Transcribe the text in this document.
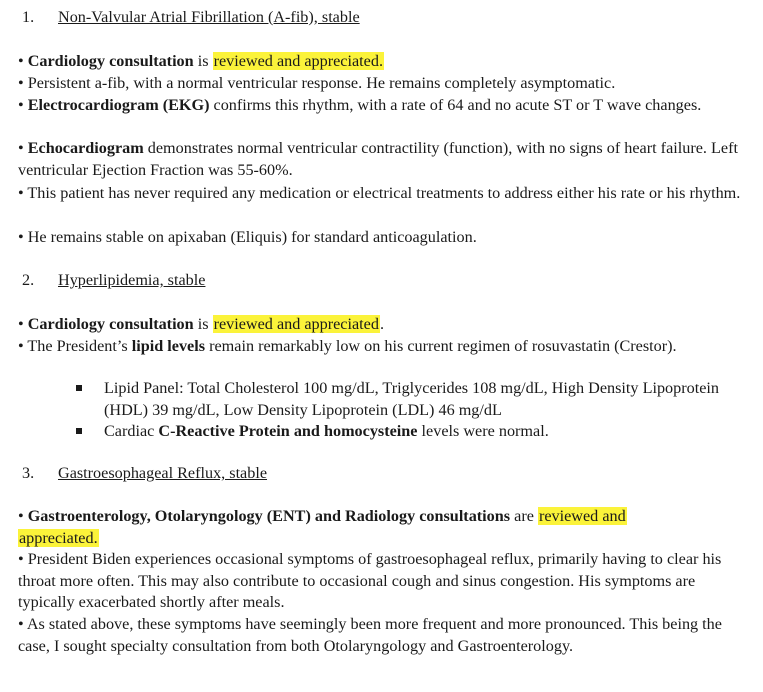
1. Non-Valvular Atrial Fibrillation (A-fib), stable
• Cardiology consultation is reviewed and appreciated.
• Persistent a-fib, with a normal ventricular response. He remains completely asymptomatic.
• Electrocardiogram (EKG) confirms this rhythm, with a rate of 64 and no acute ST or T wave changes.
• Echocardiogram demonstrates normal ventricular contractility (function), with no signs of heart failure. Left ventricular Ejection Fraction was 55-60%.
• This patient has never required any medication or electrical treatments to address either his rate or his rhythm.
• He remains stable on apixaban (Eliquis) for standard anticoagulation.
2. Hyperlipidemia, stable
• Cardiology consultation is reviewed and appreciated.
• The President’s lipid levels remain remarkably low on his current regimen of rosuvastatin (Crestor).
Lipid Panel: Total Cholesterol 100 mg/dL, Triglycerides 108 mg/dL, High Density Lipoprotein (HDL) 39 mg/dL, Low Density Lipoprotein (LDL) 46 mg/dL
Cardiac C-Reactive Protein and homocysteine levels were normal.
3. Gastroesophageal Reflux, stable
• Gastroenterology, Otolaryngology (ENT) and Radiology consultations are reviewed and
appreciated.
• President Biden experiences occasional symptoms of gastroesophageal reflux, primarily having to clear his throat more often. This may also contribute to occasional cough and sinus congestion. His symptoms are typically exacerbated shortly after meals.
• As stated above, these symptoms have seemingly been more frequent and more pronounced. This being the case, I sought specialty consultation from both Otolaryngology and Gastroenterology.
